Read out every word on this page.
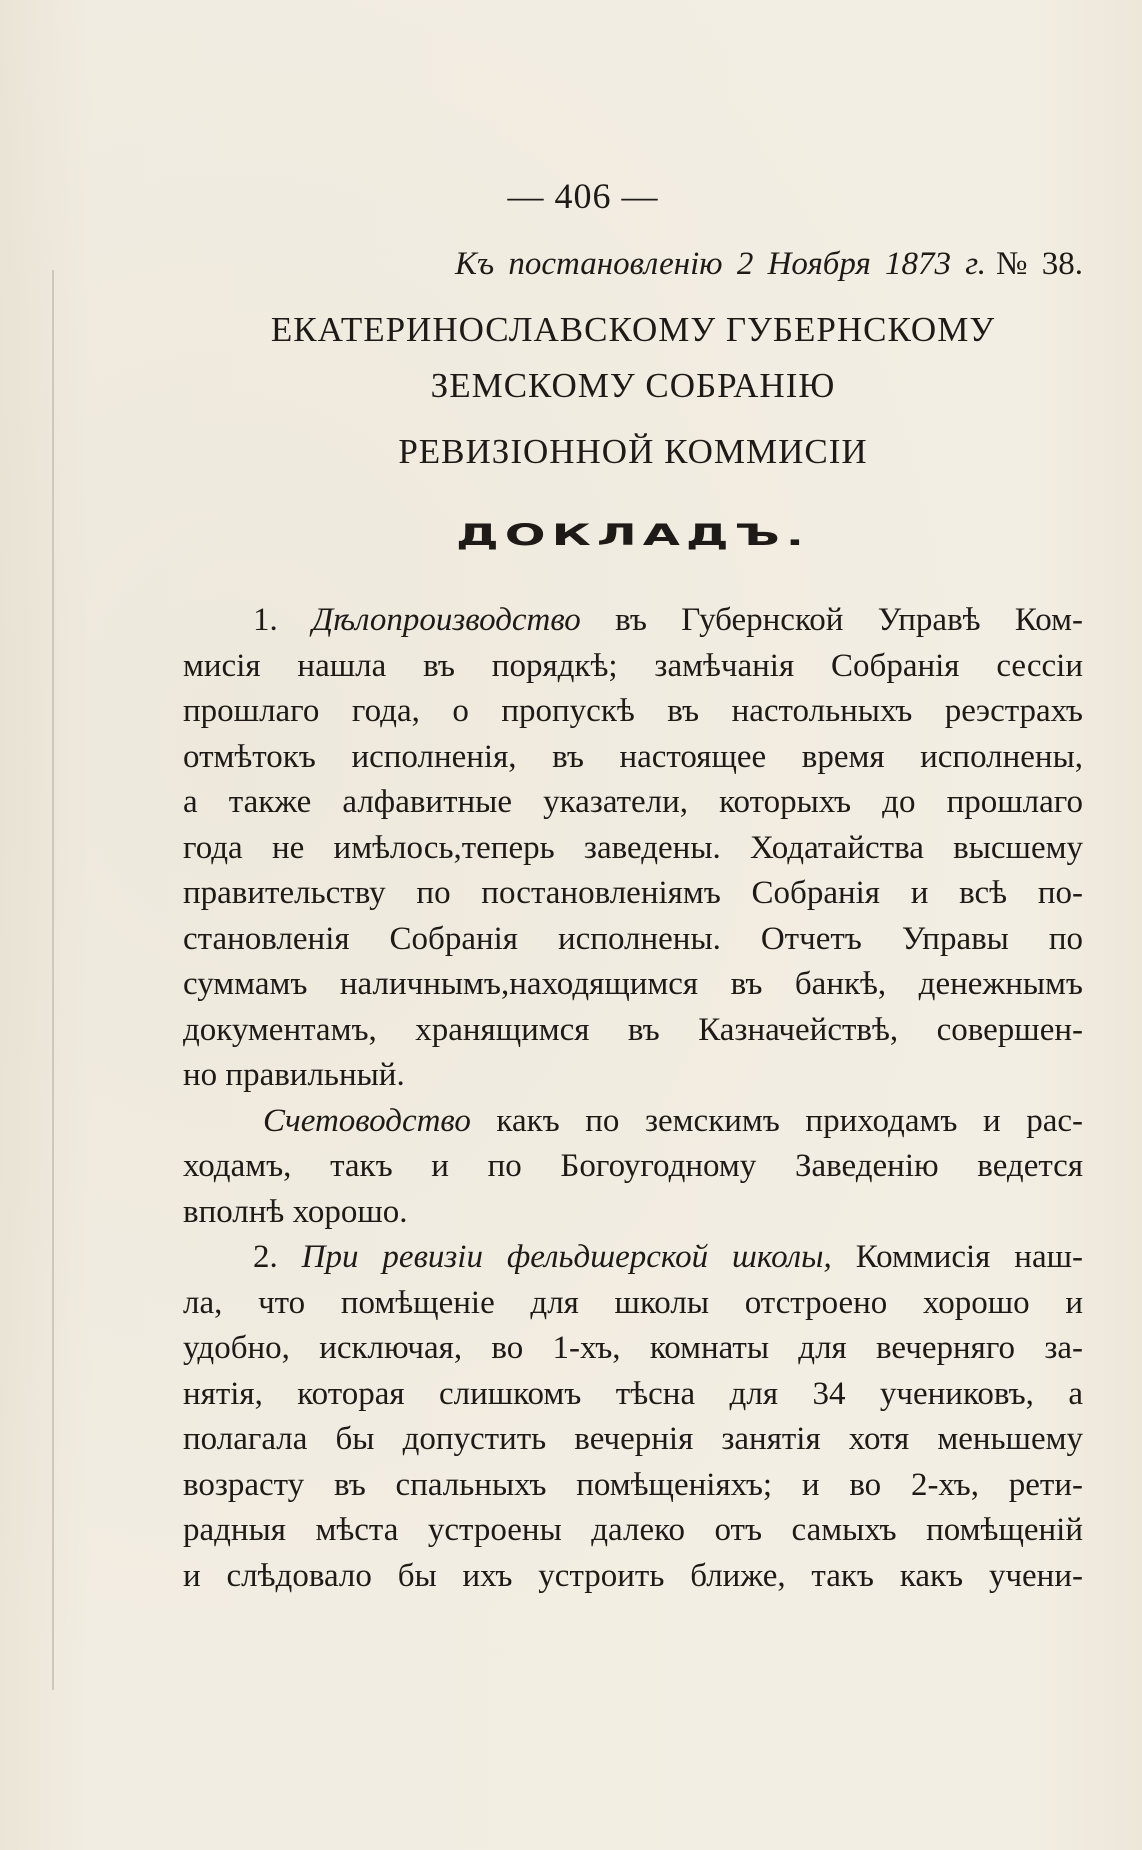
— 406 —
Къ постановленію 2 Ноября 1873 г. № 38.
ЕКАТЕРИНОСЛАВСКОМУ ГУБЕРНСКОМУ
ЗЕМСКОМУ СОБРАНІЮ
РЕВИЗІОННОЙ КОММИСІИ
ДОКЛАДЪ.
1. Дѣлопроизводство въ Губернской Управѣ Ком-
мисія нашла въ порядкѣ; замѣчанія Собранія сессіи
прошлаго года, о пропускѣ въ настольныхъ реэстрахъ
отмѣтокъ исполненія, въ настоящее время исполнены,
а также алфавитные указатели, которыхъ до прошлаго
года не имѣлось,теперь заведены. Ходатайства высшему
правительству по постановленіямъ Собранія и всѣ по-
становленія Собранія исполнены. Отчетъ Управы по
суммамъ наличнымъ,находящимся въ банкѣ, денежнымъ
документамъ, хранящимся въ Казначействѣ, совершен-
но правильный.
Счетоводство какъ по земскимъ приходамъ и рас-
ходамъ, такъ и по Богоугодному Заведенію ведется
вполнѣ хорошо.
2. При ревизіи фельдшерской школы, Коммисія наш-
ла, что помѣщеніе для школы отстроено хорошо и
удобно, исключая, во 1-хъ, комнаты для вечерняго за-
нятія, которая слишкомъ тѣсна для 34 учениковъ, а
полагала бы допустить вечернія занятія хотя меньшему
возрасту въ спальныхъ помѣщеніяхъ; и во 2-хъ, рети-
радныя мѣста устроены далеко отъ самыхъ помѣщеній
и слѣдовало бы ихъ устроить ближе, такъ какъ учени-
